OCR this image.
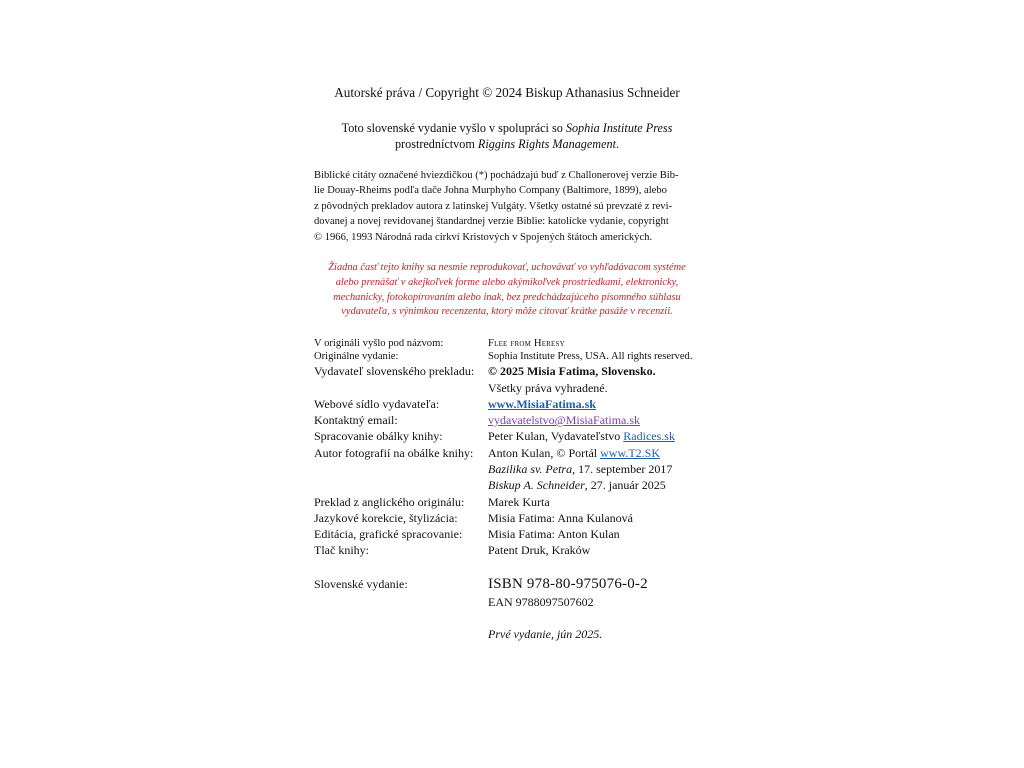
Autorské práva / Copyright © 2024 Biskup Athanasius Schneider

Toto slovenské vydanie vyšlo v spolupráci so Sophia Institute Press

prostredníctvom Riggins Rights Management.

Biblické citáty označené hviezdičkou (*) pochádzajú buď z Challonerovej verzie Bib-

lie Douay-Rheims podľa tlače Johna Murphyho Company (Baltimore, 1899), alebo

z pôvodných prekladov autora z latinskej Vulgáty. Všetky ostatné sú prevzaté z revi-

dovanej a novej revidovanej štandardnej verzie Biblie: katolícke vydanie, copyright

© 1966, 1993 Národná rada cirkví Kristových v Spojených štátoch amerických.

Žiadna časť tejto knihy sa nesmie reprodukovať, uchovávať vo vyhľadávacom systéme

alebo prenášať v akejkoľvek forme alebo akýmikoľvek prostriedkami, elektronicky,

mechanicky, fotokopírovaním alebo inak, bez predchádzajúceho písomného súhlasu

vydavateľa, s výnimkou recenzenta, ktorý môže citovať krátke pasáže v recenzii.

V origináli vyšlo pod názvom:	Flee from Heresy
Originálne vydanie:	Sophia Institute Press, USA. All rights reserved.
Vydavateľ slovenského prekladu:	© 2025 Misia Fatima, Slovensko.
Všetky práva vyhradené.
Webové sídlo vydavateľa:	www.MisiaFatima.sk
Kontaktný email:	vydavatelstvo@MisiaFatima.sk
Spracovanie obálky knihy:	Peter Kulan, Vydavateľstvo Radices.sk
Autor fotografií na obálke knihy:	Anton Kulan, © Portál www.T2.SK
Bazilika sv. Petra, 17. september 2017
Biskup A. Schneider, 27. január 2025
Preklad z anglického originálu:	Marek Kurta
Jazykové korekcie, štylizácia:	Misia Fatima: Anna Kulanová
Editácia, grafické spracovanie:	Misia Fatima: Anton Kulan
Tlač knihy:	Patent Druk, Kraków
Slovenské vydanie:	ISBN 978-80-975076-0-2
EAN 9788097507602
Prvé vydanie, jún 2025.
